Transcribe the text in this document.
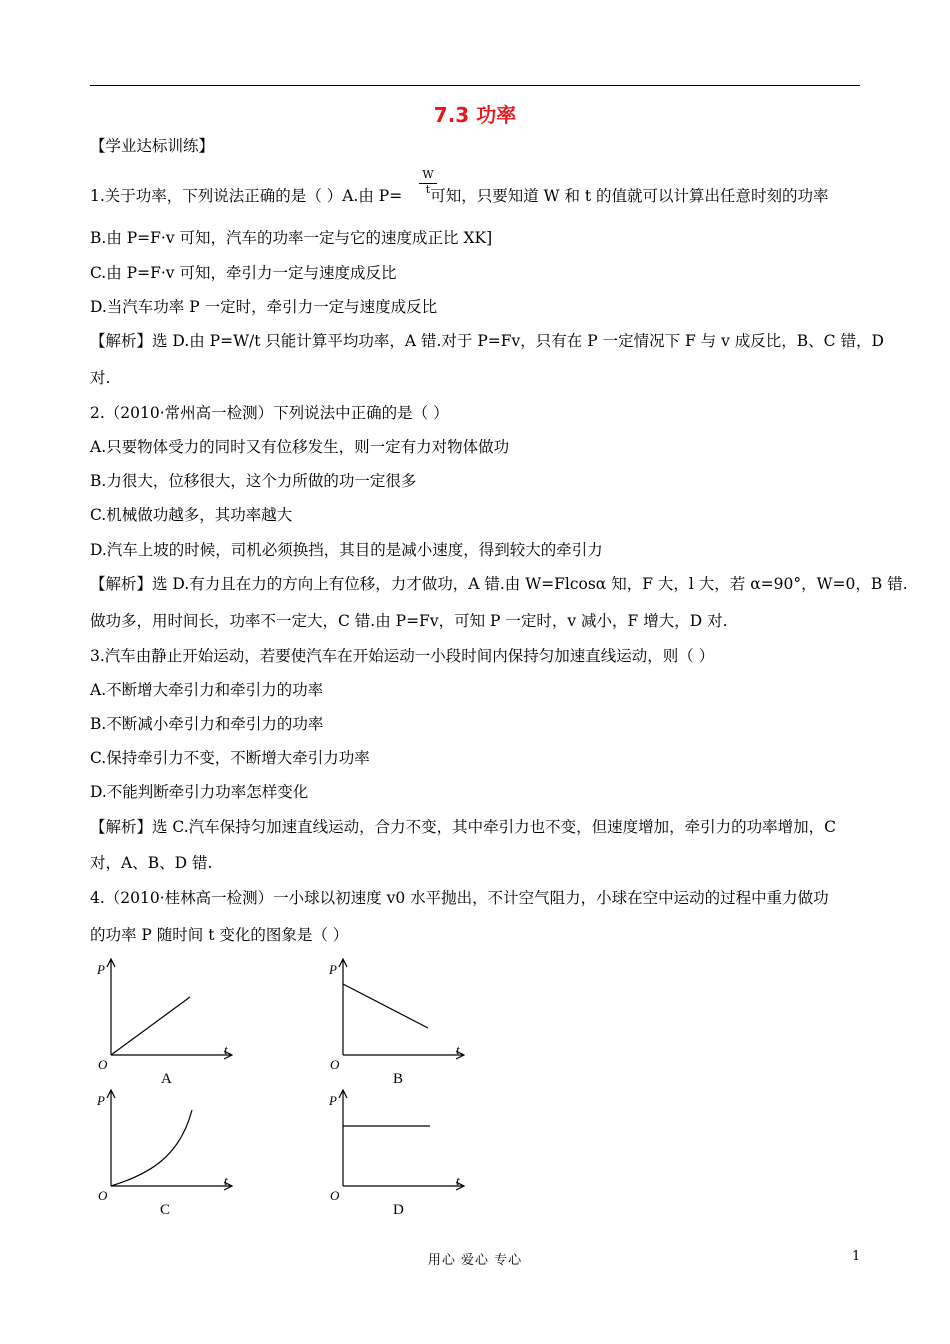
7.3 功率
【学业达标训练】
1.关于功率，下列说法正确的是（ ）A.由 P= 可知，只要知道 W 和 t 的值就可以计算出任意时刻的功率
W
t
B.由 P=F·v 可知，汽车的功率一定与它的速度成正比 XK]
C.由 P=F·v 可知，牵引力一定与速度成反比
D.当汽车功率 P 一定时，牵引力一定与速度成反比
【解析】选 D.由 P=W/t 只能计算平均功率，A 错.对于 P=Fv，只有在 P 一定情况下 F 与 v 成反比，B、C 错，D
对.
2.（2010·常州高一检测）下列说法中正确的是（ ）
A.只要物体受力的同时又有位移发生，则一定有力对物体做功
B.力很大，位移很大，这个力所做的功一定很多
C.机械做功越多，其功率越大
D.汽车上坡的时候，司机必须换挡，其目的是减小速度，得到较大的牵引力
【解析】选 D.有力且在力的方向上有位移，力才做功，A 错.由 W=Flcosα 知，F 大，l 大，若 α=90°，W=0，B 错.
做功多，用时间长，功率不一定大，C 错.由 P=Fv，可知 P 一定时，v 减小，F 增大，D 对.
3.汽车由静止开始运动，若要使汽车在开始运动一小段时间内保持匀加速直线运动，则（ ）
A.不断增大牵引力和牵引力的功率
B.不断减小牵引力和牵引力的功率
C.保持牵引力不变，不断增大牵引力功率
D.不能判断牵引力功率怎样变化
【解析】选 C.汽车保持匀加速直线运动，合力不变，其中牵引力也不变，但速度增加，牵引力的功率增加，C
对，A、B、D 错.
4.（2010·桂林高一检测）一小球以初速度 v0 水平抛出，不计空气阻力，小球在空中运动的过程中重力做功
的功率 P 随时间 t 变化的图象是（ ）
P
t
O
A
P
t
O
B
P
t
O
C
P
t
O
D
用心 爱心 专心	1
